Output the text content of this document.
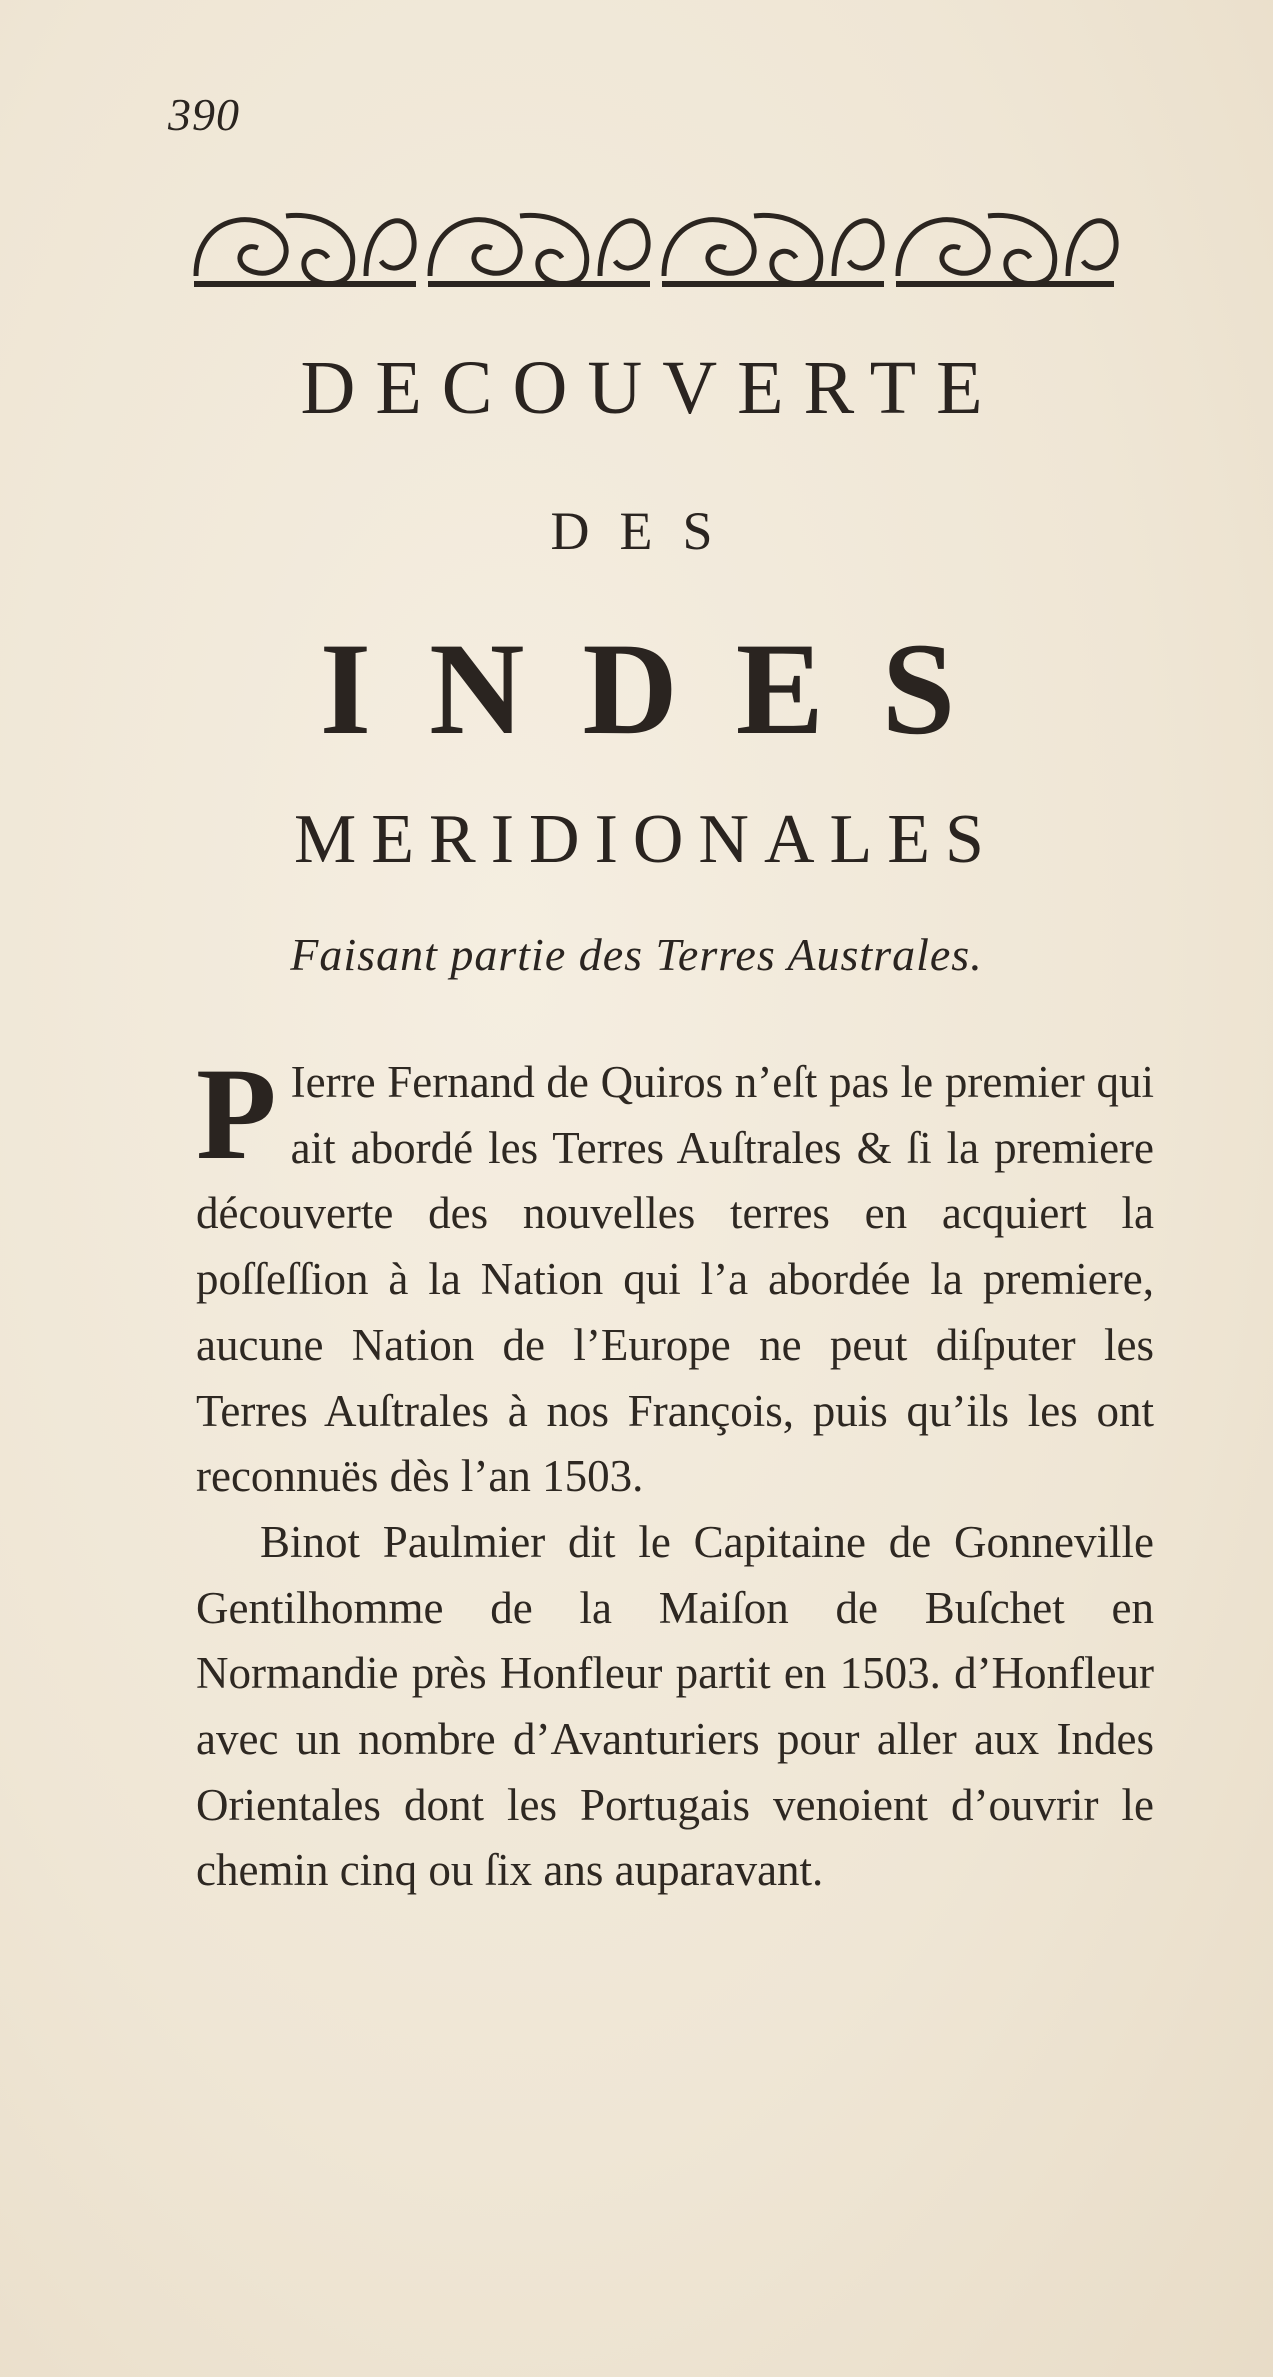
390
DECOUVERTE
DES
INDES
MERIDIONALES
Faisant partie des Terres Australes.

P Ierre Fernand de Quiros n’eſt pas le premier qui ait abordé les Terres Auſtrales & ſi la premiere découverte des nouvelles terres en acquiert la poſſeſſion à la Nation qui l’a abordée la premiere, aucune Nation de l’Europe ne peut diſputer les Terres Auſtrales à nos François, puis qu’ils les ont reconnuës dès l’an 1503.

Binot Paulmier dit le Capitaine de Gonneville Gentilhomme de la Maiſon de Buſchet en Normandie près Honfleur partit en 1503. d’Honfleur avec un nombre d’Avanturiers pour aller aux Indes Orientales dont les Portugais venoient d’ouvrir le chemin cinq ou ſix ans auparavant.
